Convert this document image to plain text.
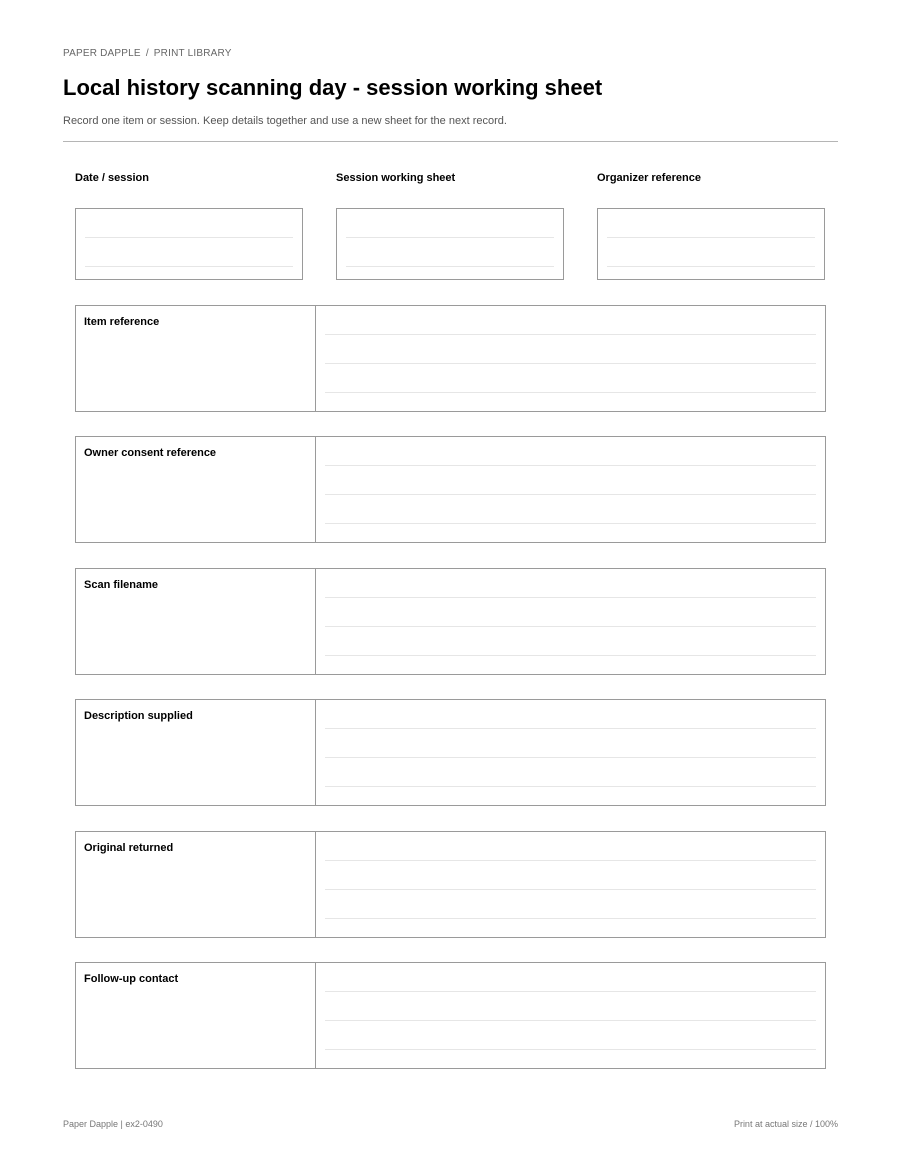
PAPER DAPPLE / PRINT LIBRARY
Local history scanning day - session working sheet

Record one item or session. Keep details together and use a new sheet for the next record.

Date / session	Session working sheet	Organizer reference
Item reference
Owner consent reference
Scan filename
Description supplied
Original returned
Follow-up contact
Paper Dapple | ex2-0490	Print at actual size / 100%
